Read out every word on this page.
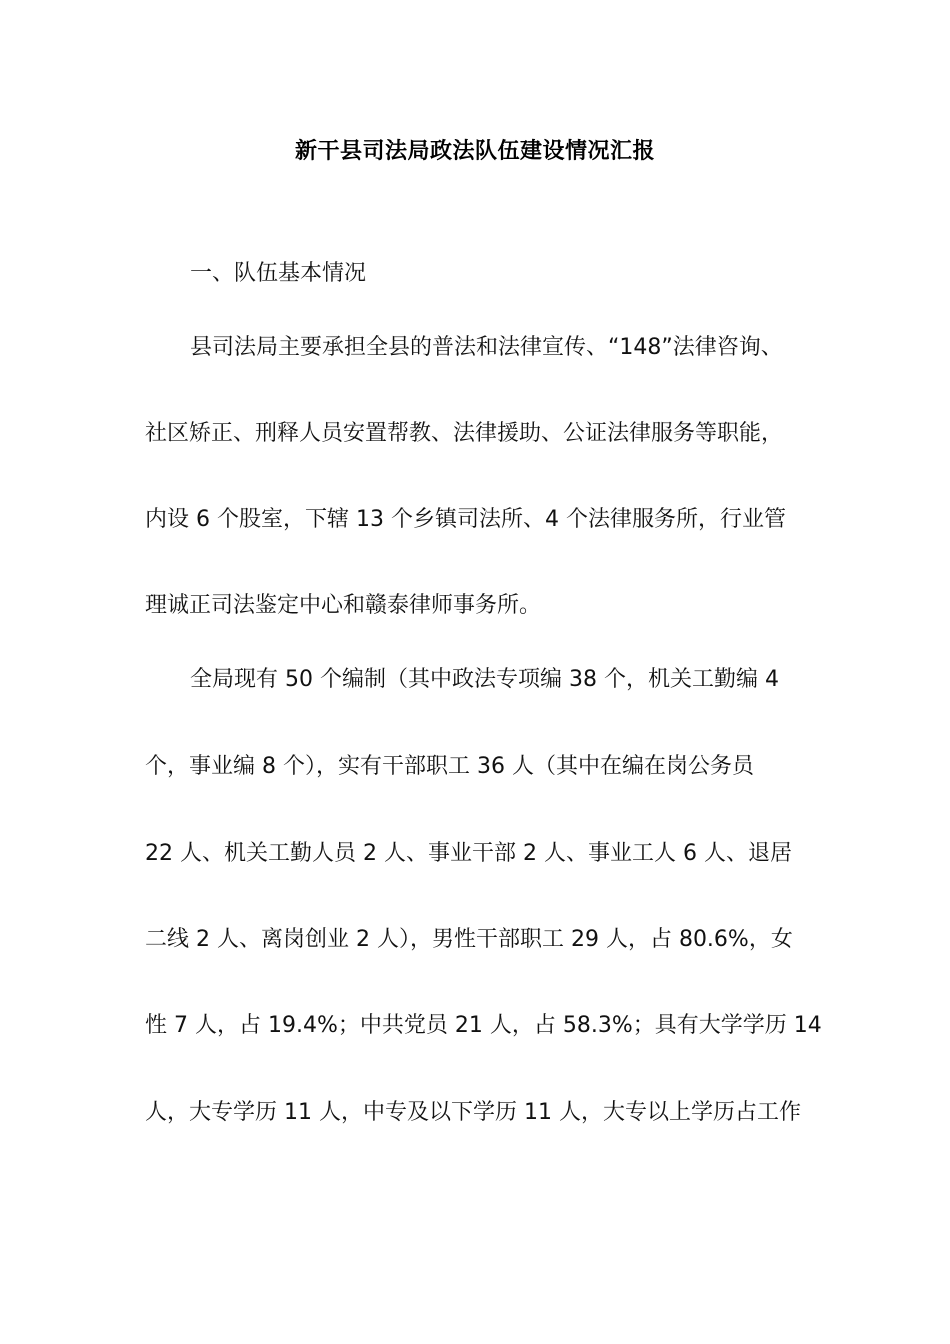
新干县司法局政法队伍建设情况汇报
一、队伍基本情况
县司法局主要承担全县的普法和法律宣传、“148”法律咨询、
社区矫正、刑释人员安置帮教、法律援助、公证法律服务等职能，
内设 6 个股室，下辖 13 个乡镇司法所、4 个法律服务所，行业管
理诚正司法鉴定中心和赣泰律师事务所。
全局现有 50 个编制（其中政法专项编 38 个，机关工勤编 4
个，事业编 8 个），实有干部职工 36 人（其中在编在岗公务员
22 人、机关工勤人员 2 人、事业干部 2 人、事业工人 6 人、退居
二线 2 人、离岗创业 2 人），男性干部职工 29 人，占 80.6%，女
性 7 人，占 19.4%；中共党员 21 人，占 58.3%；具有大学学历 14
人，大专学历 11 人，中专及以下学历 11 人，大专以上学历占工作
